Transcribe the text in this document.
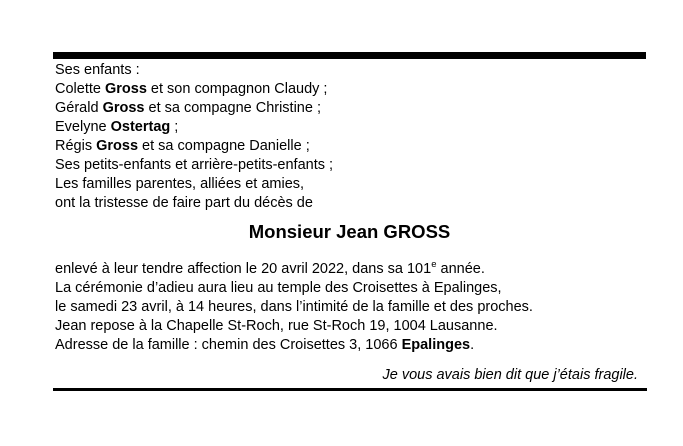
Ses enfants :
Colette Gross et son compagnon Claudy ;
Gérald Gross et sa compagne Christine ;
Evelyne Ostertag ;
Régis Gross et sa compagne Danielle ;
Ses petits-enfants et arrière-petits-enfants ;
Les familles parentes, alliées et amies,
ont la tristesse de faire part du décès de
Monsieur Jean GROSS
enlevé à leur tendre affection le 20 avril 2022, dans sa 101e année.
La cérémonie d’adieu aura lieu au temple des Croisettes à Epalinges,
le samedi 23 avril, à 14 heures, dans l’intimité de la famille et des proches.
Jean repose à la Chapelle St-Roch, rue St-Roch 19, 1004 Lausanne.
Adresse de la famille : chemin des Croisettes 3, 1066 Epalinges.
Je vous avais bien dit que j’étais fragile.
